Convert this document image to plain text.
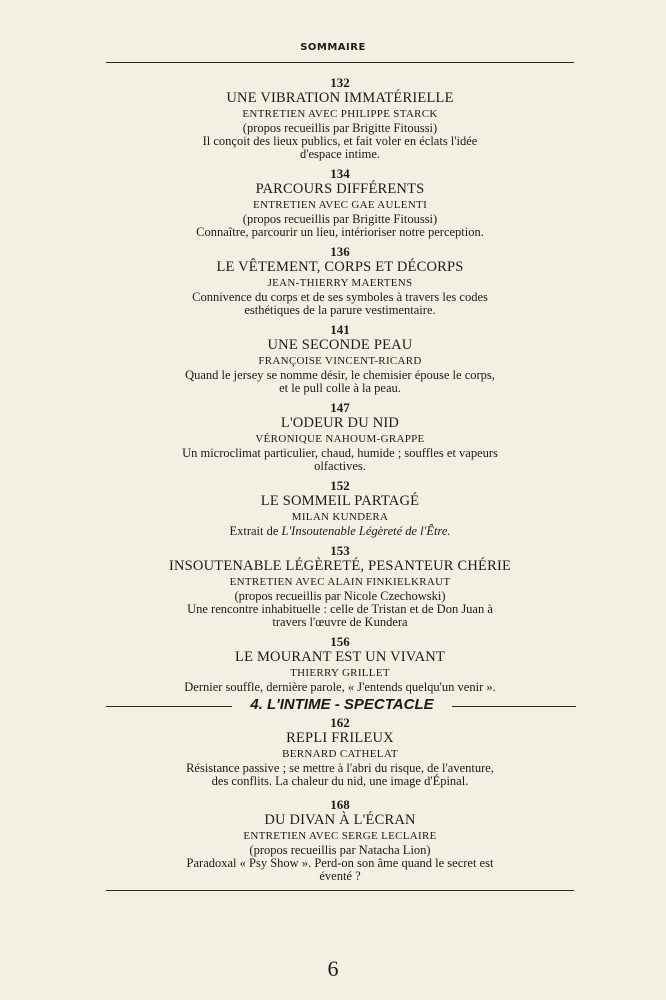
SOMMAIRE
132
UNE VIBRATION IMMATÉRIELLE
ENTRETIEN AVEC PHILIPPE STARCK
(propos recueillis par Brigitte Fitoussi)
Il conçoit des lieux publics, et fait voler en éclats l'idée
d'espace intime.
134
PARCOURS DIFFÉRENTS
ENTRETIEN AVEC GAE AULENTI
(propos recueillis par Brigitte Fitoussi)
Connaître, parcourir un lieu, intérioriser notre perception.
136
LE VÊTEMENT, CORPS ET DÉCORPS
JEAN-THIERRY MAERTENS
Connivence du corps et de ses symboles à travers les codes
esthétiques de la parure vestimentaire.
141
UNE SECONDE PEAU
FRANÇOISE VINCENT-RICARD
Quand le jersey se nomme désir, le chemisier épouse le corps,
et le pull colle à la peau.
147
L'ODEUR DU NID
VÉRONIQUE NAHOUM-GRAPPE
Un microclimat particulier, chaud, humide ; souffles et vapeurs
olfactives.
152
LE SOMMEIL PARTAGÉ
MILAN KUNDERA
Extrait de L'Insoutenable Légèreté de l'Être.
153
INSOUTENABLE LÉGÈRETÉ, PESANTEUR CHÉRIE
ENTRETIEN AVEC ALAIN FINKIELKRAUT
(propos recueillis par Nicole Czechowski)
Une rencontre inhabituelle : celle de Tristan et de Don Juan à
travers l'œuvre de Kundera
156
LE MOURANT EST UN VIVANT
THIERRY GRILLET
Dernier souffle, dernière parole, « J'entends quelqu'un venir ».
4. L'INTIME - SPECTACLE
162
REPLI FRILEUX
BERNARD CATHELAT
Résistance passive ; se mettre à l'abri du risque, de l'aventure,
des conflits. La chaleur du nid, une image d'Épinal.
168
DU DIVAN À L'ÉCRAN
ENTRETIEN AVEC SERGE LECLAIRE
(propos recueillis par Natacha Lion)
Paradoxal « Psy Show ». Perd-on son âme quand le secret est
éventé ?
6
